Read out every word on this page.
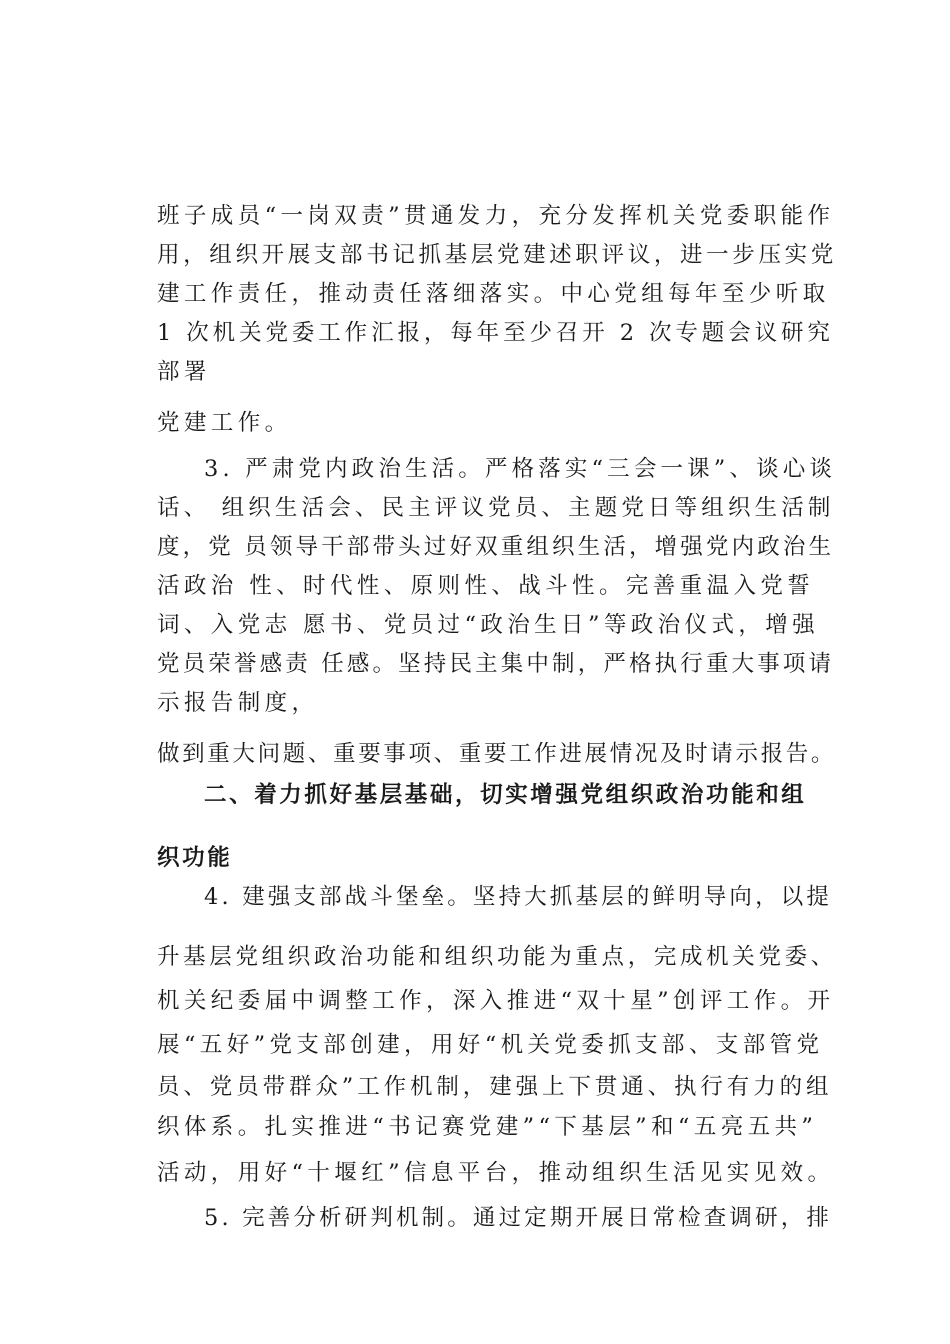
班子成员“一岗双责”贯通发力，充分发挥机关党委职能作

用，组织开展支部书记抓基层党建述职评议，进一步压实党

建工作责任，推动责任落细落实。中心党组每年至少听取

1 次机关党委工作汇报，每年至少召开 2 次专题会议研究

部署

党建工作。

3. 严肃党内政治生活。严格落实“三会一课”、谈心谈

话、 组织生活会、民主评议党员、主题党日等组织生活制

度，党 员领导干部带头过好双重组织生活，增强党内政治生

活政治 性、时代性、原则性、战斗性。完善重温入党誓

词、入党志 愿书、党员过“政治生日”等政治仪式，增强

党员荣誉感责 任感。坚持民主集中制，严格执行重大事项请

示报告制度，

做到重大问题、重要事项、重要工作进展情况及时请示报告。

二、着力抓好基层基础，切实增强党组织政治功能和组

织功能

4. 建强支部战斗堡垒。坚持大抓基层的鲜明导向，以提

升基层党组织政治功能和组织功能为重点，完成机关党委、

机关纪委届中调整工作，深入推进“双十星”创评工作。开

展“五好”党支部创建，用好“机关党委抓支部、支部管党

员、党员带群众”工作机制，建强上下贯通、执行有力的组

织体系。扎实推进“书记赛党建”“下基层”和“五亮五共”

活动，用好“十堰红”信息平台，推动组织生活见实见效。

5. 完善分析研判机制。通过定期开展日常检查调研，排
